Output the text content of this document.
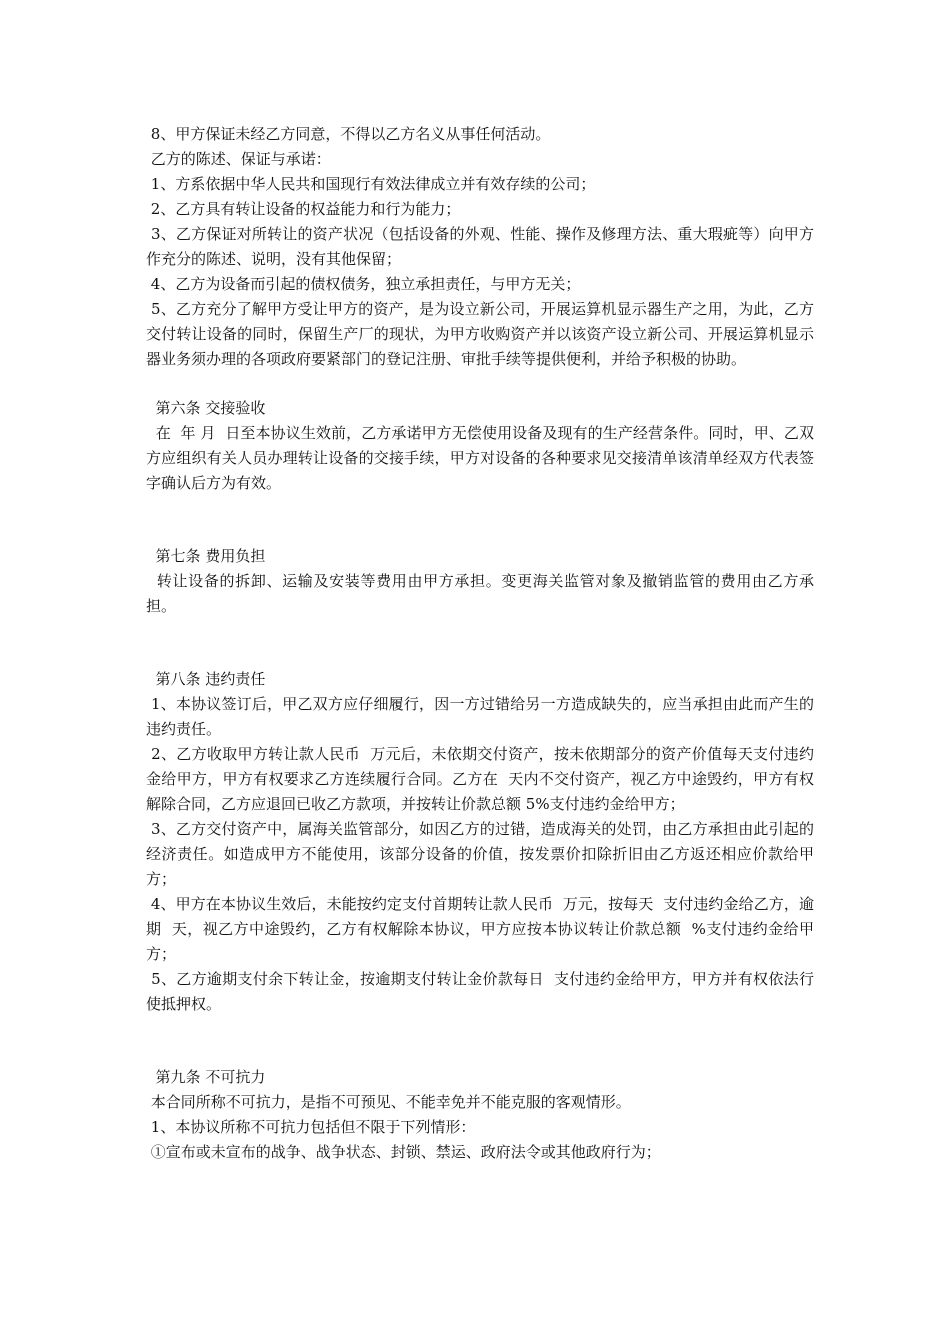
8、甲方保证未经乙方同意，不得以乙方名义从事任何活动。

乙方的陈述、保证与承诺：

1、方系依据中华人民共和国现行有效法律成立并有效存续的公司；

2、乙方具有转让设备的权益能力和行为能力；

3、乙方保证对所转让的资产状况（包括设备的外观、性能、操作及修理方法、重大瑕疵等）向甲方作充分的陈述、说明，没有其他保留；

4、乙方为设备而引起的债权债务，独立承担责任，与甲方无关；

5、乙方充分了解甲方受让甲方的资产，是为设立新公司，开展运算机显示器生产之用，为此，乙方交付转让设备的同时，保留生产厂的现状，为甲方收购资产并以该资产设立新公司、开展运算机显示器业务须办理的各项政府要紧部门的登记注册、审批手续等提供便利，并给予积极的协助。

第六条 交接验收

在  年 月  日至本协议生效前，乙方承诺甲方无偿使用设备及现有的生产经营条件。同时，甲、乙双方应组织有关人员办理转让设备的交接手续，甲方对设备的各种要求见交接清单该清单经双方代表签字确认后方为有效。

第七条 费用负担

转让设备的拆卸、运输及安装等费用由甲方承担。变更海关监管对象及撤销监管的费用由乙方承担。

第八条 违约责任

1、本协议签订后，甲乙双方应仔细履行，因一方过错给另一方造成缺失的，应当承担由此而产生的违约责任。

2、乙方收取甲方转让款人民币  万元后，未依期交付资产，按未依期部分的资产价值每天支付违约金给甲方，甲方有权要求乙方连续履行合同。乙方在  天内不交付资产，视乙方中途毁约，甲方有权解除合同，乙方应退回已收乙方款项，并按转让价款总额 5%支付违约金给甲方；

3、乙方交付资产中，属海关监管部分，如因乙方的过错，造成海关的处罚，由乙方承担由此引起的经济责任。如造成甲方不能使用，该部分设备的价值，按发票价扣除折旧由乙方返还相应价款给甲方；

4、甲方在本协议生效后，未能按约定支付首期转让款人民币  万元，按每天  支付违约金给乙方，逾期  天，视乙方中途毁约，乙方有权解除本协议，甲方应按本协议转让价款总额  %支付违约金给甲方；

5、乙方逾期支付余下转让金，按逾期支付转让金价款每日  支付违约金给甲方，甲方并有权依法行使抵押权。

第九条 不可抗力

本合同所称不可抗力，是指不可预见、不能幸免并不能克服的客观情形。

1、本协议所称不可抗力包括但不限于下列情形：

①宣布或未宣布的战争、战争状态、封锁、禁运、政府法令或其他政府行为；
